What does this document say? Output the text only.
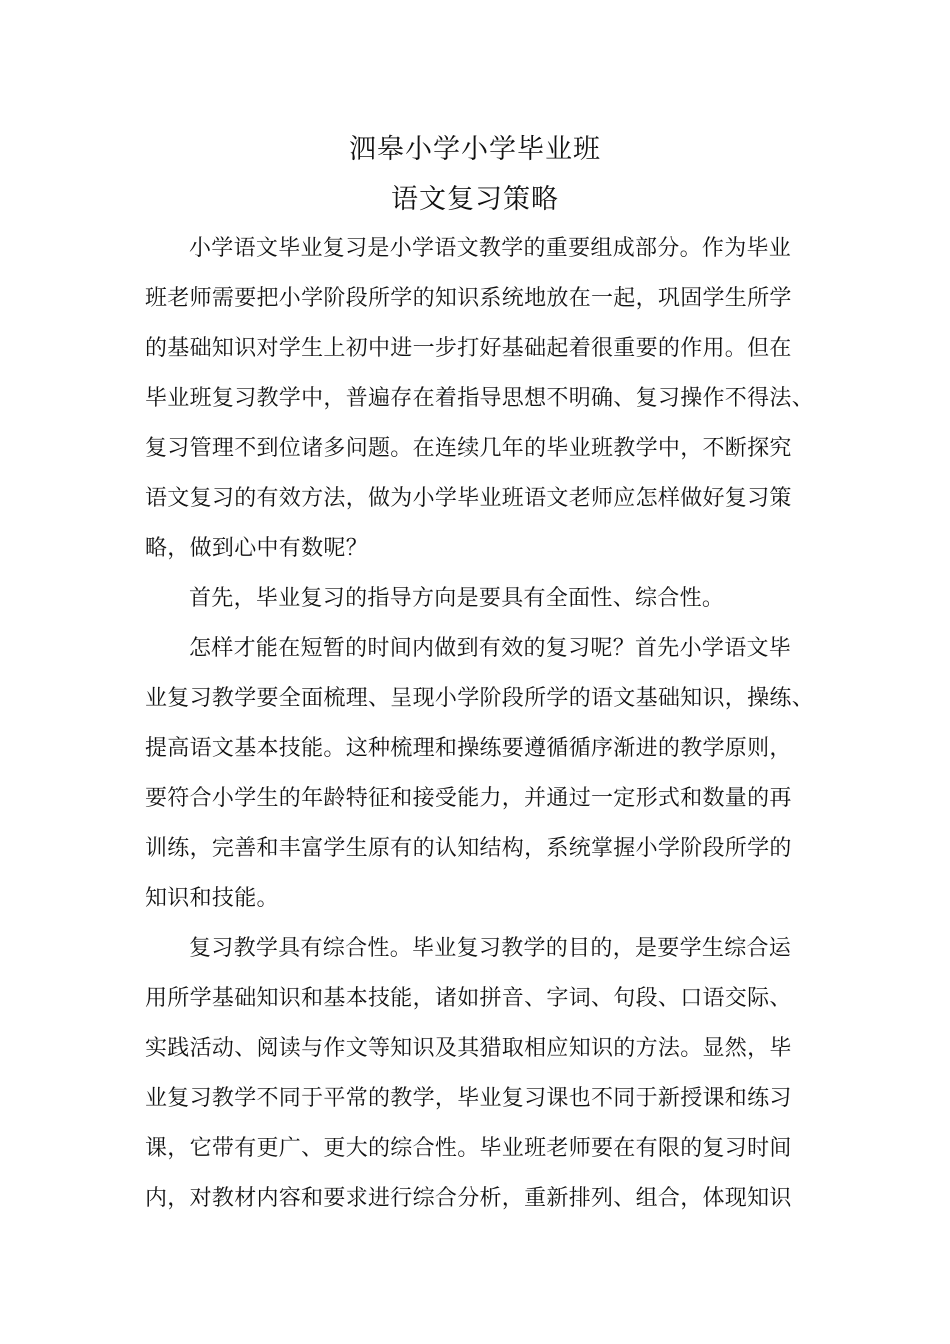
泗皋小学小学毕业班
语文复习策略
小学语文毕业复习是小学语文教学的重要组成部分。作为毕业
班老师需要把小学阶段所学的知识系统地放在一起，巩固学生所学
的基础知识对学生上初中进一步打好基础起着很重要的作用。但在
毕业班复习教学中，普遍存在着指导思想不明确、复习操作不得法、
复习管理不到位诸多问题。在连续几年的毕业班教学中，不断探究
语文复习的有效方法，做为小学毕业班语文老师应怎样做好复习策
略，做到心中有数呢？
首先，毕业复习的指导方向是要具有全面性、综合性。
怎样才能在短暂的时间内做到有效的复习呢？首先小学语文毕
业复习教学要全面梳理、呈现小学阶段所学的语文基础知识，操练、
提高语文基本技能。这种梳理和操练要遵循循序渐进的教学原则，
要符合小学生的年龄特征和接受能力，并通过一定形式和数量的再
训练，完善和丰富学生原有的认知结构，系统掌握小学阶段所学的
知识和技能。
复习教学具有综合性。毕业复习教学的目的，是要学生综合运
用所学基础知识和基本技能，诸如拼音、字词、句段、口语交际、
实践活动、阅读与作文等知识及其猎取相应知识的方法。显然，毕
业复习教学不同于平常的教学，毕业复习课也不同于新授课和练习
课，它带有更广、更大的综合性。毕业班老师要在有限的复习时间
内，对教材内容和要求进行综合分析，重新排列、组合，体现知识
